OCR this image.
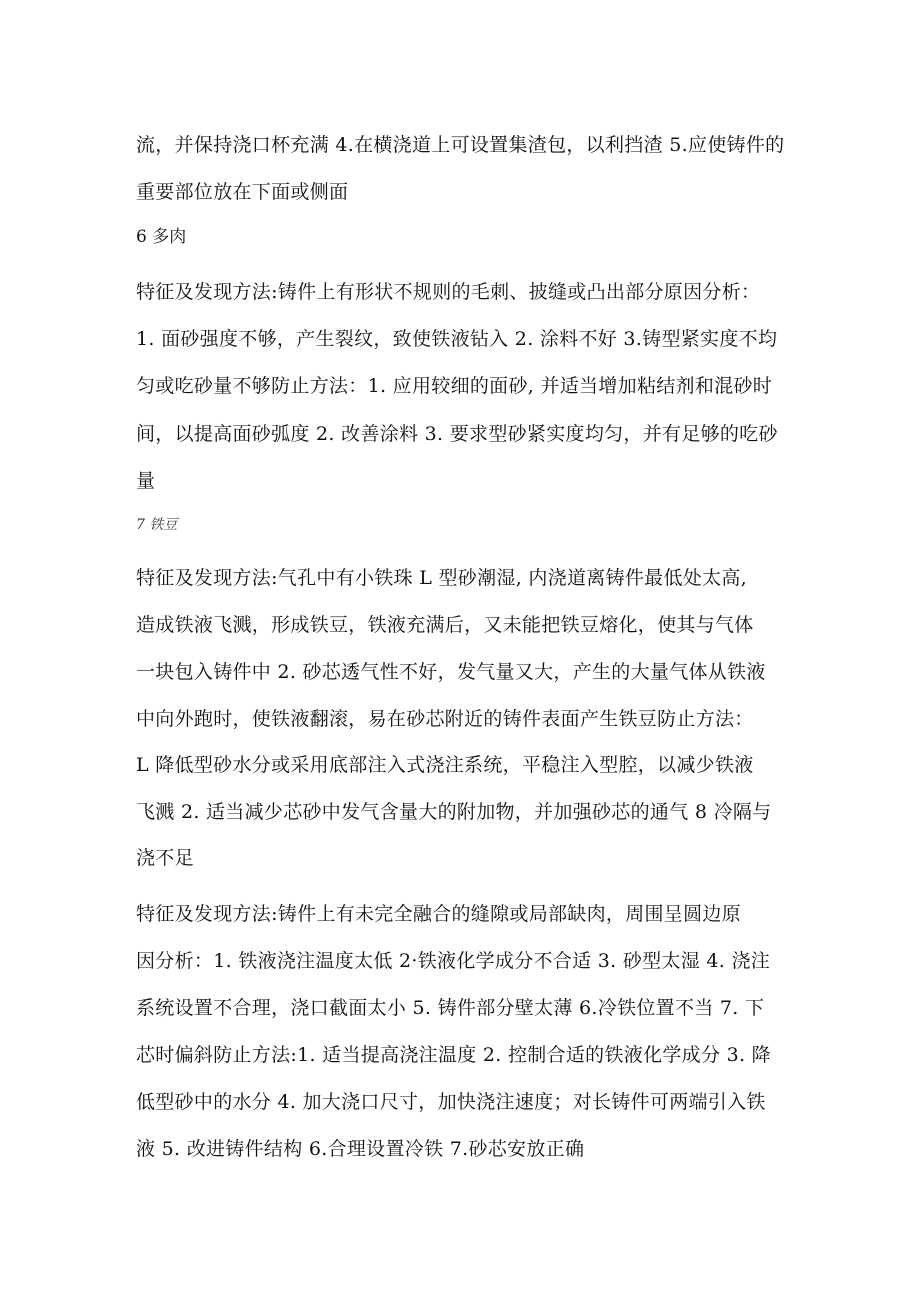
流，并保持浇口杯充满 4.在横浇道上可设置集渣包，以利挡渣 5.应使铸件的
重要部位放在下面或侧面
6 多肉
特征及发现方法:铸件上有形状不规则的毛刺、披缝或凸出部分原因分析：
1. 面砂强度不够，产生裂纹，致使铁液钻入 2. 涂料不好 3.铸型紧实度不均
匀或吃砂量不够防止方法：1. 应用较细的面砂, 并适当增加粘结剂和混砂时
间，以提高面砂弧度 2. 改善涂料 3. 要求型砂紧实度均匀，并有足够的吃砂
量
7 铁豆
特征及发现方法:气孔中有小铁珠 L 型砂潮湿, 内浇道离铸件最低处太高,
造成铁液飞溅，形成铁豆，铁液充满后，又未能把铁豆熔化，使其与气体
一块包入铸件中 2. 砂芯透气性不好，发气量又大，产生的大量气体从铁液
中向外跑时，使铁液翻滚，易在砂芯附近的铸件表面产生铁豆防止方法：
L 降低型砂水分或采用底部注入式浇注系统，平稳注入型腔，以减少铁液
飞溅 2. 适当减少芯砂中发气含量大的附加物，并加强砂芯的通气 8 冷隔与
浇不足
特征及发现方法:铸件上有未完全融合的缝隙或局部缺肉，周围呈圆边原
因分析：1. 铁液浇注温度太低 2·铁液化学成分不合适 3. 砂型太湿 4. 浇注
系统设置不合理，浇口截面太小 5. 铸件部分壁太薄 6.冷铁位置不当 7. 下
芯时偏斜防止方法:1. 适当提高浇注温度 2. 控制合适的铁液化学成分 3. 降
低型砂中的水分 4. 加大浇口尺寸，加快浇注速度；对长铸件可两端引入铁
液 5. 改进铸件结构 6.合理设置冷铁 7.砂芯安放正确
